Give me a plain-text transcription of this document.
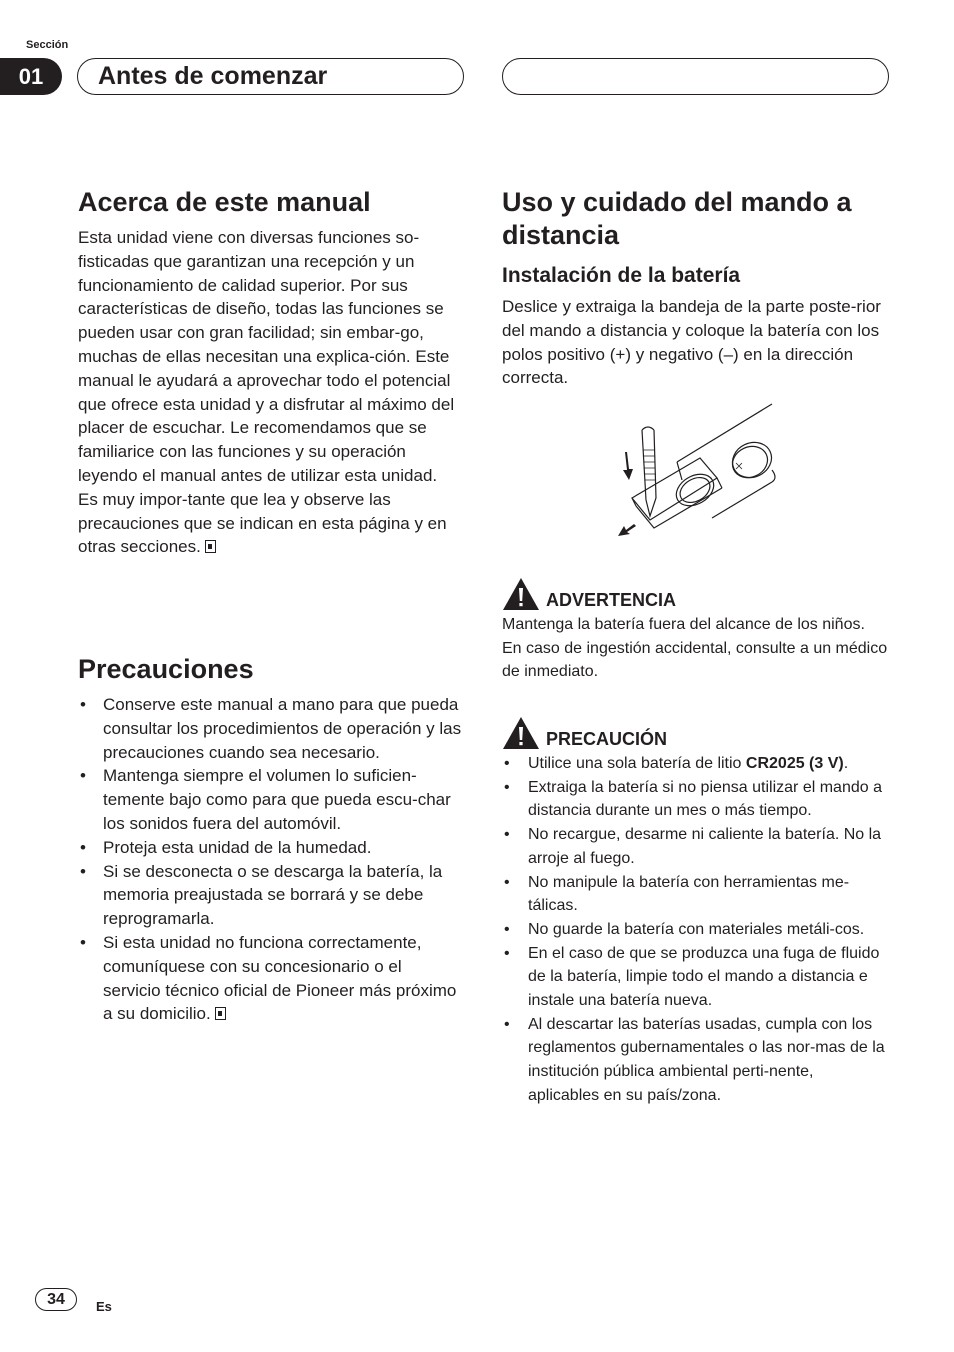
Sección
01	Antes de comenzar
Acerca de este manual

Esta unidad viene con diversas funciones so-fisticadas que garantizan una recepción y un funcionamiento de calidad superior. Por sus características de diseño, todas las funciones se pueden usar con gran facilidad; sin embar-go, muchas de ellas necesitan una explica-ción. Este manual le ayudará a aprovechar todo el potencial que ofrece esta unidad y a disfrutar al máximo del placer de escuchar. Le recomendamos que se familiarice con las funciones y su operación leyendo el manual antes de utilizar esta unidad. Es muy impor-tante que lea y observe las precauciones que se indican en esta página y en otras secciones.

Precauciones
• Conserve este manual a mano para que pueda consultar los procedimientos de operación y las precauciones cuando sea necesario.
• Mantenga siempre el volumen lo suficien-temente bajo como para que pueda escu-char los sonidos fuera del automóvil.
• Proteja esta unidad de la humedad.
• Si se desconecta o se descarga la batería, la memoria preajustada se borrará y se debe reprogramarla.
• Si esta unidad no funciona correctamente, comuníquese con su concesionario o el servicio técnico oficial de Pioneer más próximo a su domicilio.
Uso y cuidado del mando a distancia
Instalación de la batería

Deslice y extraiga la bandeja de la parte poste-rior del mando a distancia y coloque la batería con los polos positivo (+) y negativo (–) en la dirección correcta.

ADVERTENCIA

Mantenga la batería fuera del alcance de los niños. En caso de ingestión accidental, consulte a un médico de inmediato.

PRECAUCIÓN
• Utilice una sola batería de litio CR2025 (3 V).
• Extraiga la batería si no piensa utilizar el mando a distancia durante un mes o más tiempo.
• No recargue, desarme ni caliente la batería. No la arroje al fuego.
• No manipule la batería con herramientas me-tálicas.
• No guarde la batería con materiales metáli-cos.
• En el caso de que se produzca una fuga de fluido de la batería, limpie todo el mando a distancia e instale una batería nueva.
• Al descartar las baterías usadas, cumpla con los reglamentos gubernamentales o las nor-mas de la institución pública ambiental perti-nente, aplicables en su país/zona.
34	Es
